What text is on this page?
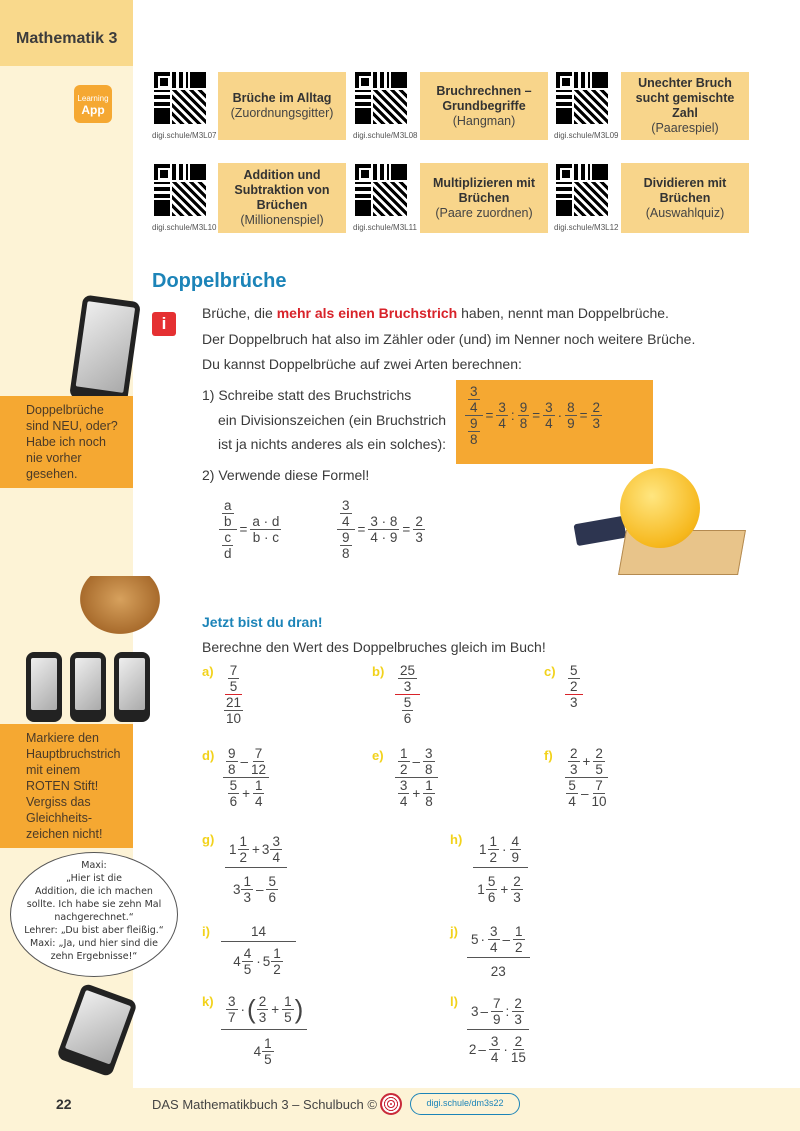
Mathematik 3
Learning
App
digi.schule/M3L07
Brüche im Alltag
(Zuordnungsgitter)
digi.schule/M3L08
Bruchrechnen – Grundbegriffe
(Hangman)
digi.schule/M3L09
Unechter Bruch sucht gemischte Zahl
(Paarespiel)
digi.schule/M3L10
Addition und Subtraktion von Brüchen
(Millionenspiel)
digi.schule/M3L11
Multiplizieren mit Brüchen
(Paare zuordnen)
digi.schule/M3L12
Dividieren mit Brüchen
(Auswahlquiz)
Doppelbrüche
i
Brüche, die mehr als einen Bruchstrich haben, nennt man Doppelbrüche.
Der Doppelbruch hat also im Zähler oder (und) im Nenner noch weitere Brüche.
Du kannst Doppelbrüche auf zwei Arten berechnen:
1) Schreibe statt des Bruchstrichs
ein Divisionszeichen (ein Bruchstrich
ist ja nichts anderes als ein solches): $\frac{\frac{3}{4}}{\frac{9}{8}} = \frac{3}{4}$ : $\frac{9}{8} = \frac{3}{4} \cdot \frac{8}{9} = \frac{2}{3}$
2) Verwende diese Formel!
$\frac{\frac{a}{b}}{\frac{c}{d}} = \frac{a \cdot d}{b \cdot c}$	$\frac{\frac{3}{4}}{\frac{9}{8}} = \frac{3 \cdot 8}{4 \cdot 9} = \frac{2}{3}$
Doppelbrüche
sind NEU, oder?
Habe ich noch
nie vorher
gesehen.
Markiere den
Hauptbruchstrich
mit einem
ROTEN Stift!
Vergiss das
Gleichheits-
zeichen nicht!
Maxi:
„Hier ist die
Addition, die ich machen
sollte. Ich habe sie zehn Mal
nachgerechnet.“
Lehrer: „Du bist aber fleißig.“
Maxi: „Ja, und hier sind die
zehn Ergebnisse!“
Jetzt bist du dran!
Berechne den Wert des Doppelbruches gleich im Buch!
$a) \frac{7}{5}$
$\frac{21}{10}$
$b) \frac{25}{3}$
$\frac{5}{6}$
$c) \frac{5}{2}$
3
$d) \frac{9}{8} - \frac{7}{12}$
$\frac{5}{6} + \frac{1}{4}$
$e) \frac{1}{2} - \frac{3}{8}$
$\frac{3}{4} + \frac{1}{8}$
$f) \frac{2}{3} + \frac{2}{5}$
$\frac{5}{4} - \frac{7}{10}$
g)
$1 \frac{1}{2} + 3 \frac{3}{4}$
$3 \frac{1}{3} - \frac{5}{6}$
h)
$1 \frac{1}{2} \cdot \frac{4}{9}$
$1 \frac{5}{6} + \frac{2}{3}$
i)	14
$4 \frac{4}{5} \cdot 5 \frac{1}{2}$
j)
$5 \cdot \frac{3}{4} - \frac{1}{2}$
23
$k) \frac{3}{7}$ · ( $\frac{2}{3} + \frac{1}{5}$ )
$4 \frac{1}{5}$
l)
$3 - \frac{7}{9}$ : $\frac{2}{3}$
$2 - \frac{3}{4} \cdot \frac{2}{15}$
22	DAS Mathematikbuch 3 – Schulbuch ©	digi.schule/dm3s22
